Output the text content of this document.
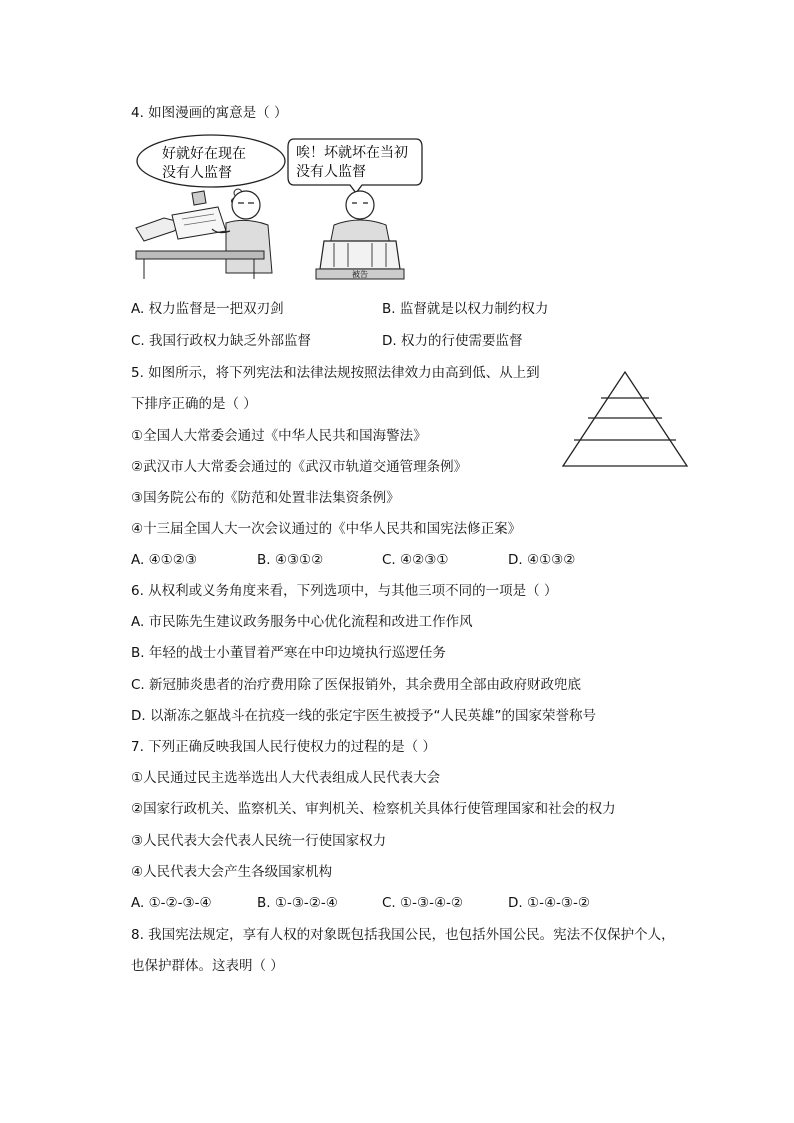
4. 如图漫画的寓意是（ ）
好就好在现在
没有人监督
唉！坏就坏在当初
没有人监督
被告
A. 权力监督是一把双刃剑	B. 监督就是以权力制约权力
C. 我国行政权力缺乏外部监督	D. 权力的行使需要监督
5. 如图所示，将下列宪法和法律法规按照法律效力由高到低、从上到
下排序正确的是（ ）
①全国人大常委会通过《中华人民共和国海警法》
②武汉市人大常委会通过的《武汉市轨道交通管理条例》
③国务院公布的《防范和处置非法集资条例》
④十三届全国人大一次会议通过的《中华人民共和国宪法修正案》
A. ④①②③	B. ④③①②	C. ④②③①	D. ④①③②
6. 从权利或义务角度来看，下列选项中，与其他三项不同的一项是（ ）
A. 市民陈先生建议政务服务中心优化流程和改进工作作风
B. 年轻的战士小董冒着严寒在中印边境执行巡逻任务
C. 新冠肺炎患者的治疗费用除了医保报销外，其余费用全部由政府财政兜底
D. 以渐冻之躯战斗在抗疫一线的张定宇医生被授予“人民英雄”的国家荣誉称号
7. 下列正确反映我国人民行使权力的过程的是（ ）
①人民通过民主选举选出人大代表组成人民代表大会
②国家行政机关、监察机关、审判机关、检察机关具体行使管理国家和社会的权力
③人民代表大会代表人民统一行使国家权力
④人民代表大会产生各级国家机构
A. ①-②-③-④	B. ①-③-②-④	C. ①-③-④-②	D. ①-④-③-②
8. 我国宪法规定，享有人权的对象既包括我国公民，也包括外国公民。宪法不仅保护个人，
也保护群体。这表明（ ）
